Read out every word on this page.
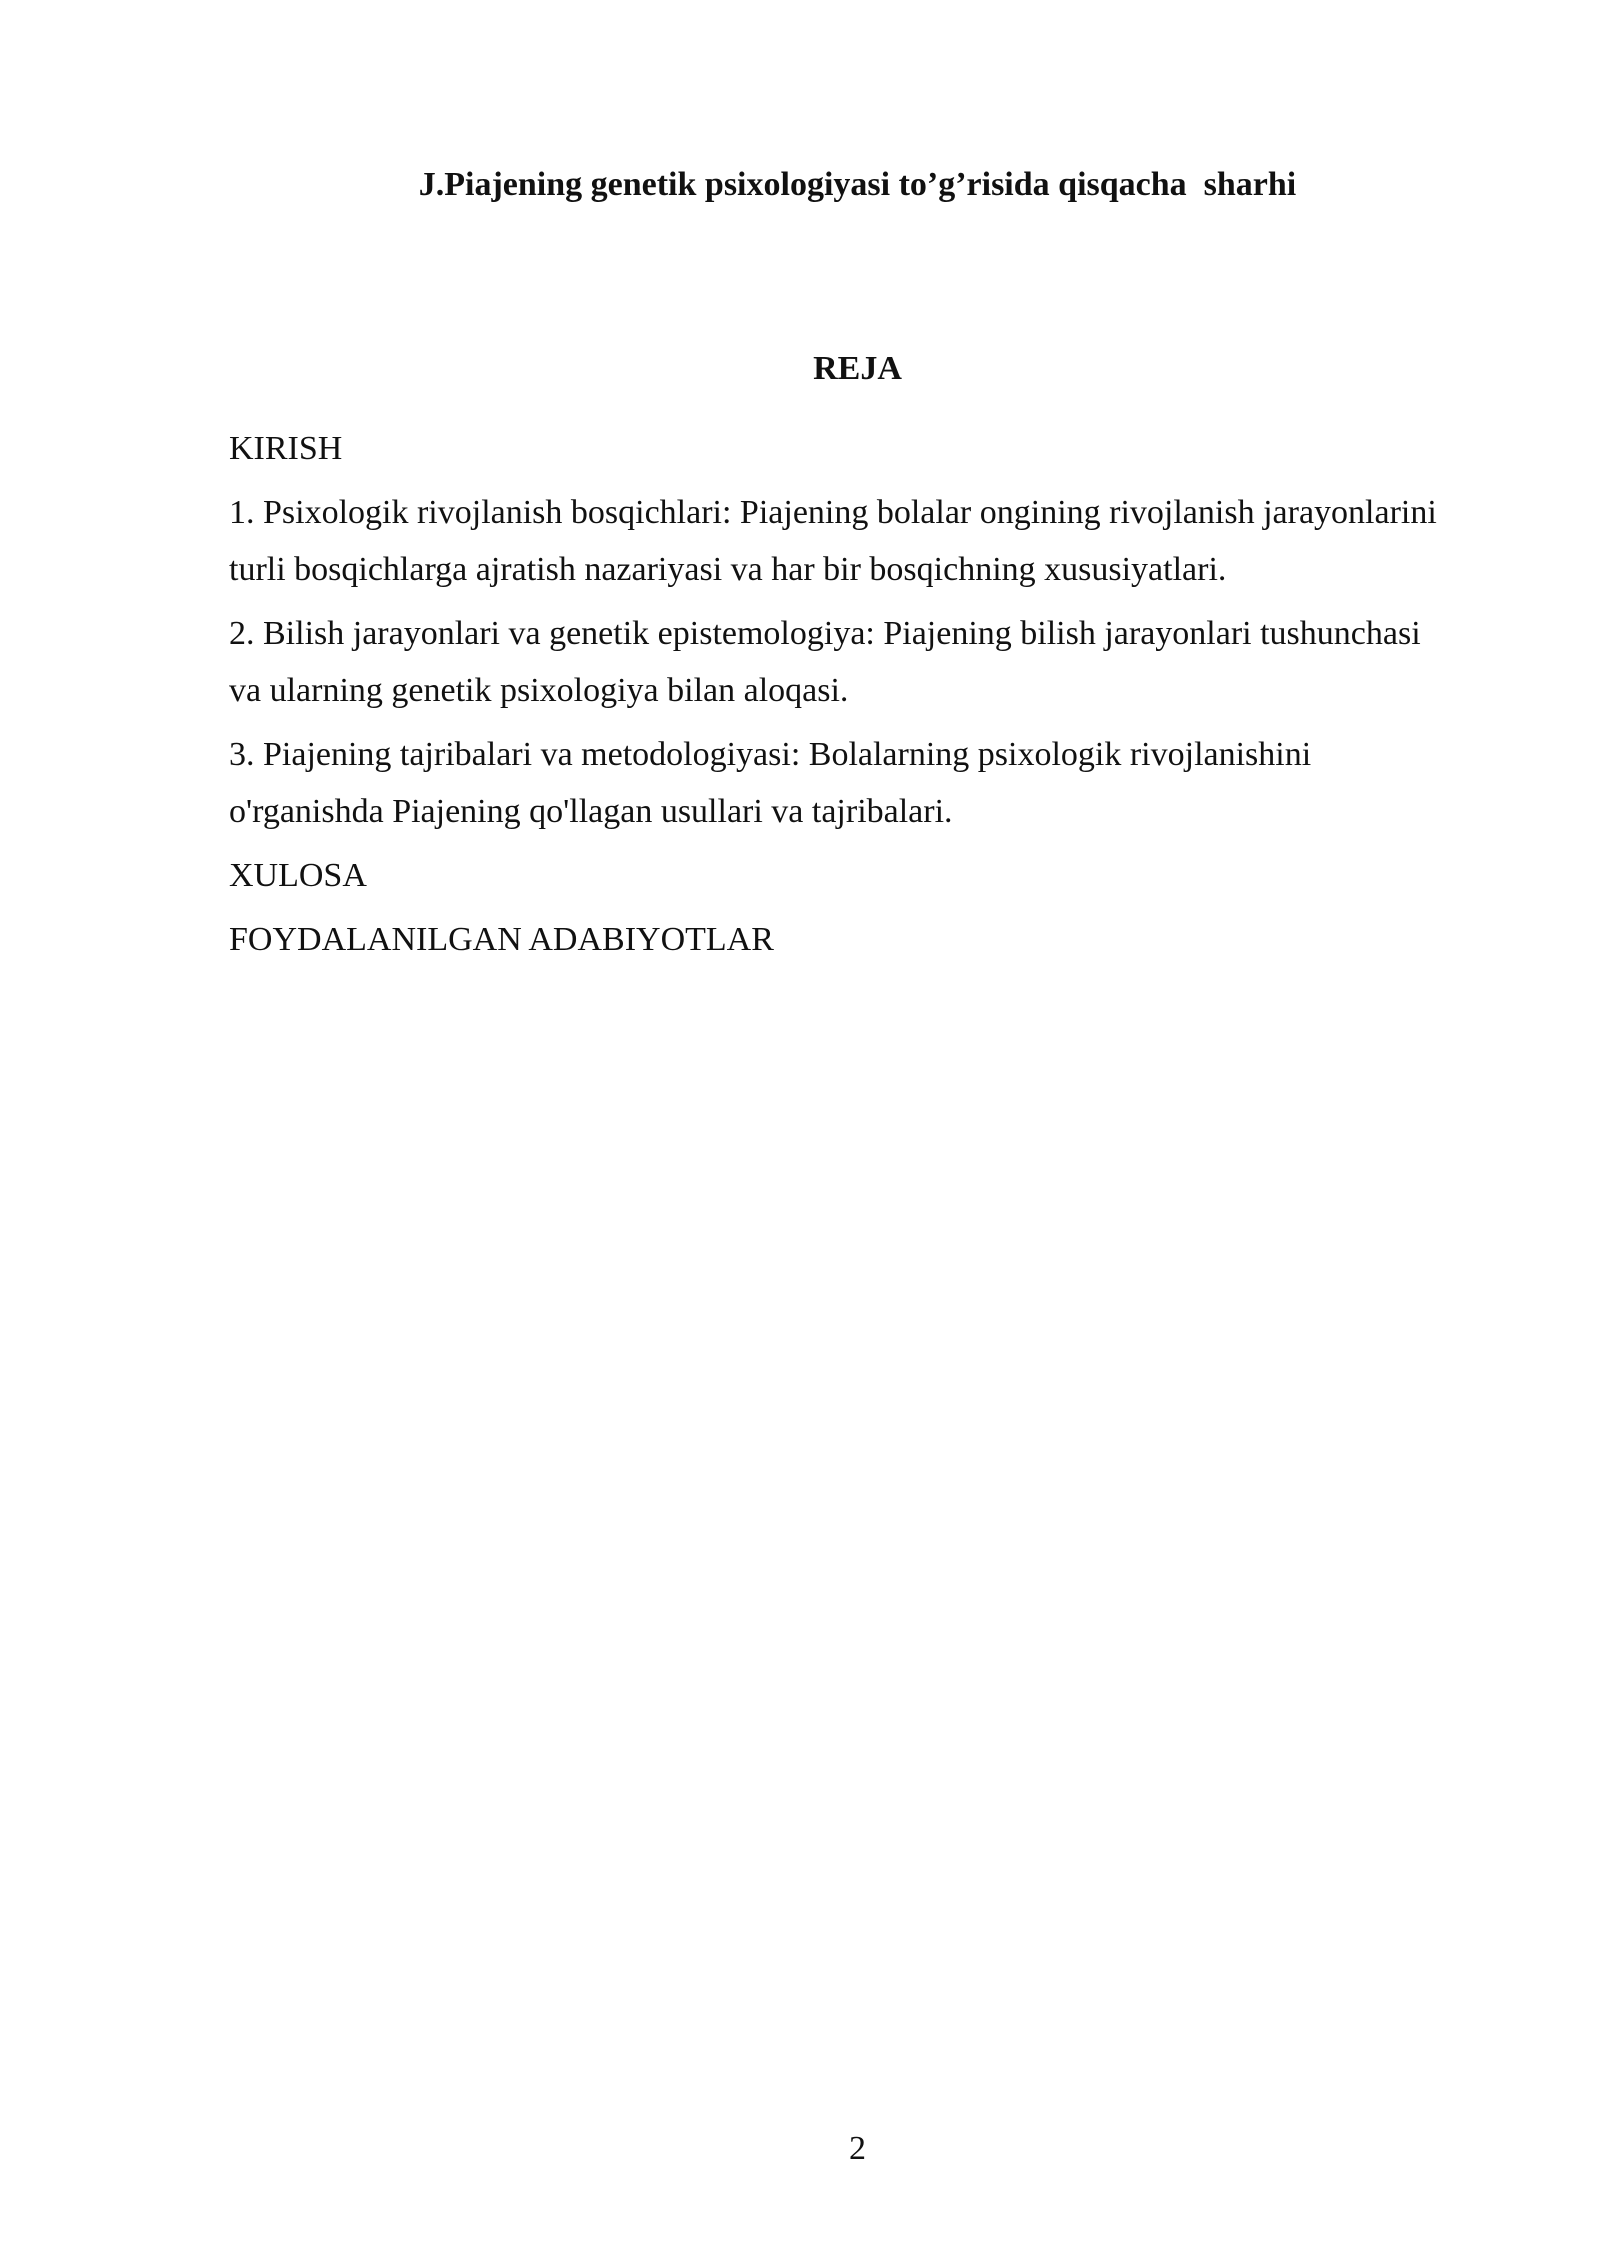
J.Piajening genetik psixologiyasi to’g’risida qisqacha  sharhi
REJA

KIRISH

1. Psixologik rivojlanish bosqichlari: Piajening bolalar ongining rivojlanish jarayonlarini turli bosqichlarga ajratish nazariyasi va har bir bosqichning xususiyatlari.

2. Bilish jarayonlari va genetik epistemologiya: Piajening bilish jarayonlari tushunchasi va ularning genetik psixologiya bilan aloqasi.

3. Piajening tajribalari va metodologiyasi: Bolalarning psixologik rivojlanishini o'rganishda Piajening qo'llagan usullari va tajribalari.

XULOSA

FOYDALANILGAN ADABIYOTLAR

2
